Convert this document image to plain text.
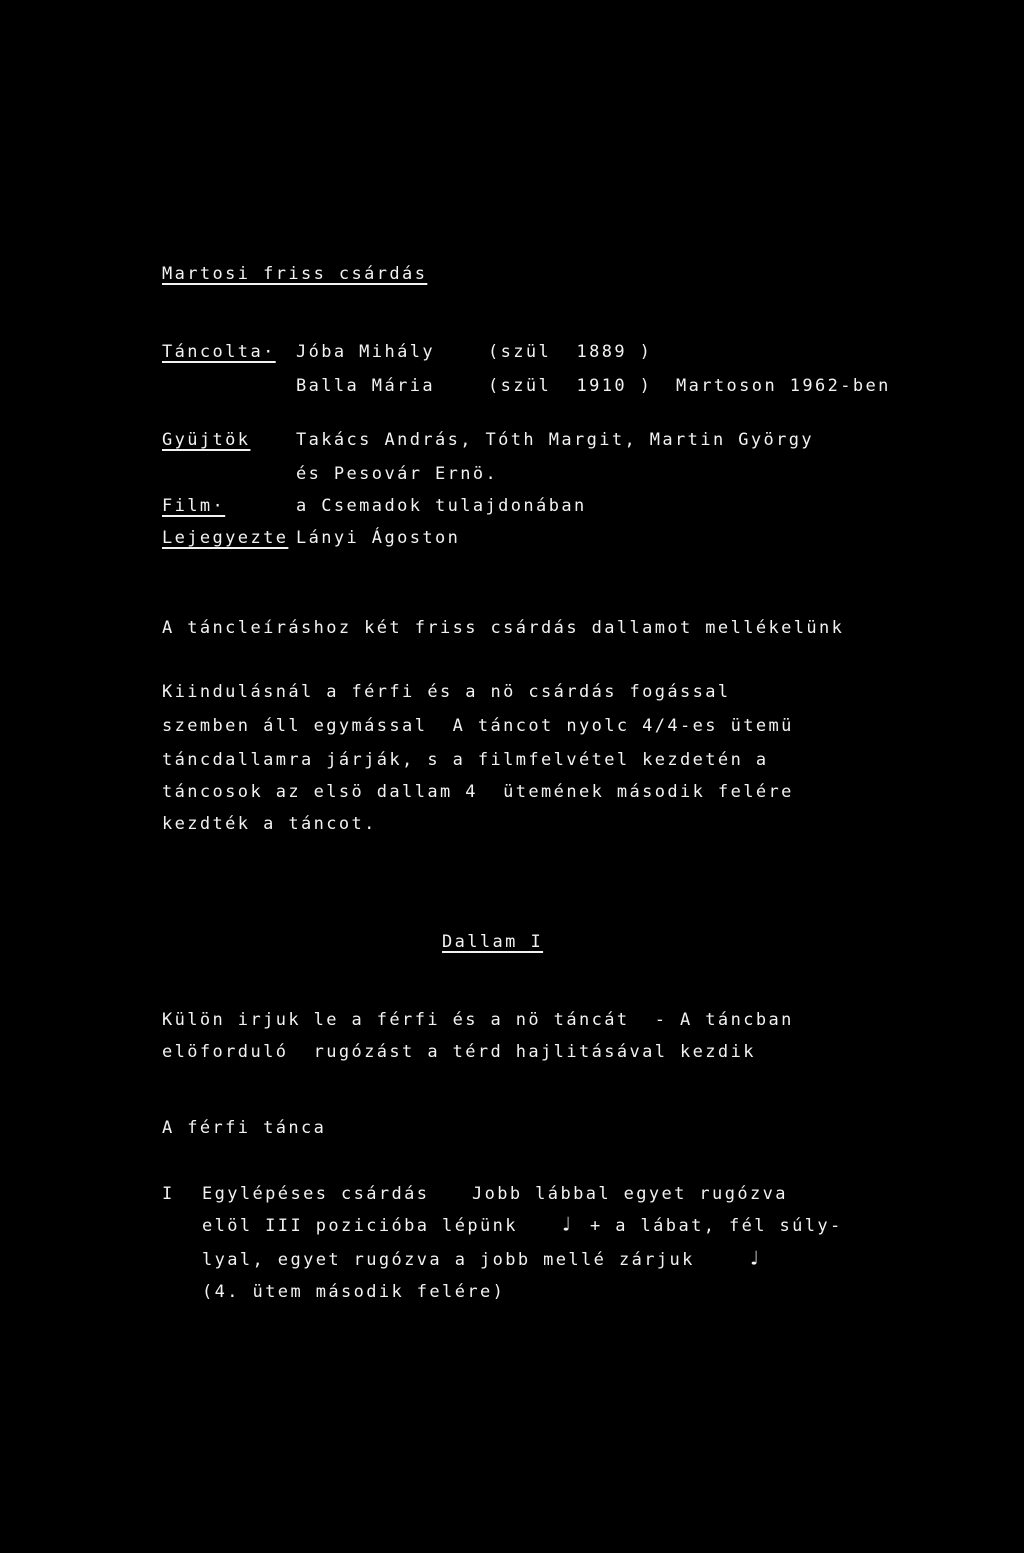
Martosi friss csárdás
Táncolta· Jóba Mihály	(szül  1889 )
Balla Mária	(szül  1910 ) Martoson 1962-ben
Gyüjtök	Takács András, Tóth Margit, Martin György
és Pesovár Ernö.
Film·	a Csemadok tulajdonában
Lejegyezte Lányi Ágoston
A táncleíráshoz két friss csárdás dallamot mellékelünk
Kiindulásnál a férfi és a nö csárdás fogással
szemben áll egymással  A táncot nyolc 4/4-es ütemü
táncdallamra járják, s a filmfelvétel kezdetén a
táncosok az elsö dallam 4  ütemének második felére
kezdték a táncot.
Dallam I
Külön irjuk le a férfi és a nö táncát  - A táncban
elöforduló  rugózást a térd hajlitásával kezdik
A férfi tánca
I Egylépéses csárdás	Jobb lábbal egyet rugózva
elöl III pozicióba lépünk ♩ + a lábat, fél súly-
lyal, egyet rugózva a jobb mellé zárjuk	♩
(4. ütem második felére)
